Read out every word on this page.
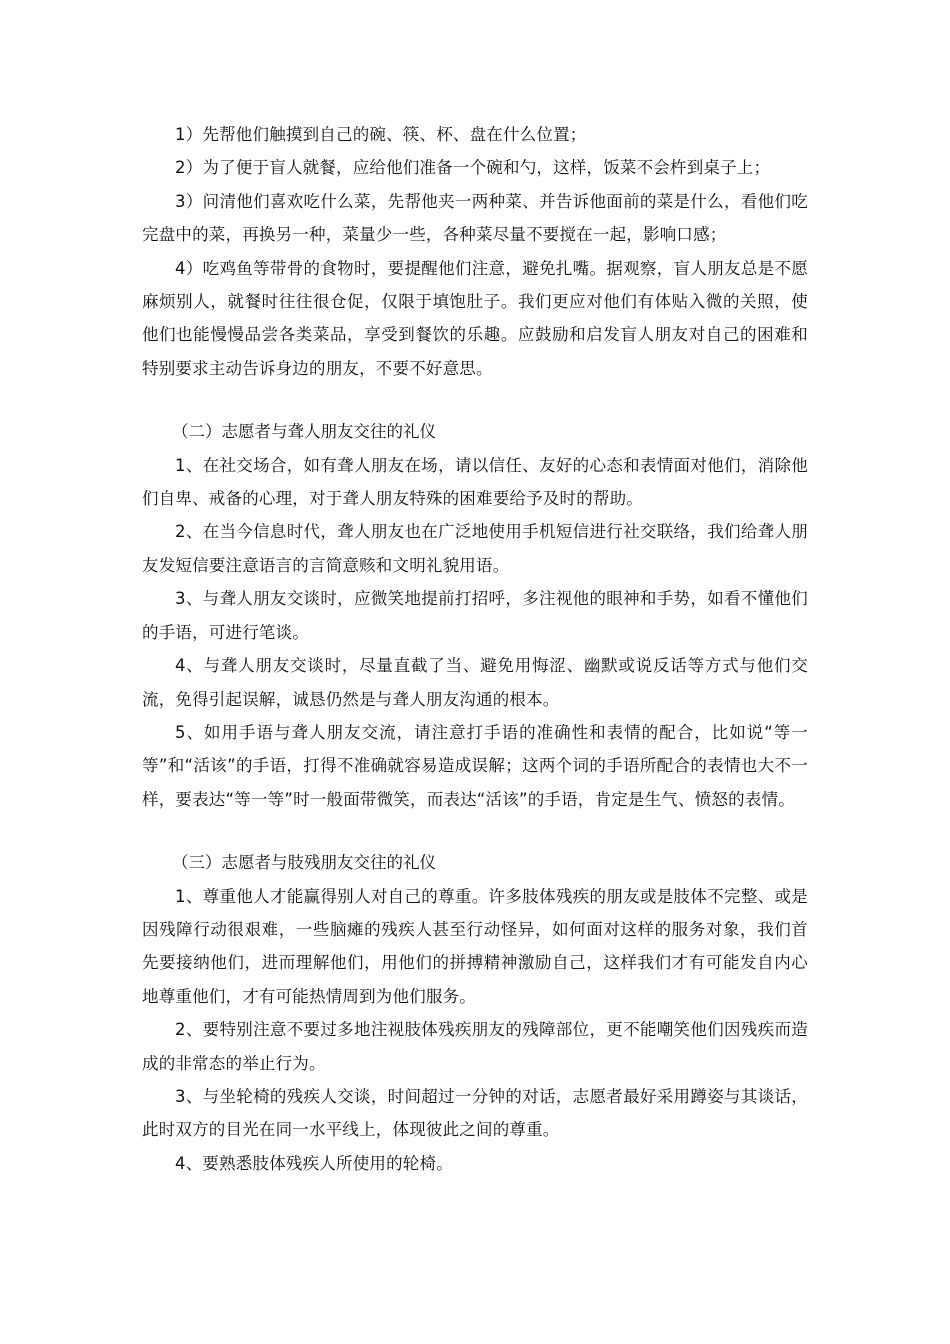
1）先帮他们触摸到自己的碗、筷、杯、盘在什么位置；

2）为了便于盲人就餐，应给他们准备一个碗和勺，这样，饭菜不会杵到桌子上；

3）问清他们喜欢吃什么菜，先帮他夹一两种菜、并告诉他面前的菜是什么，看他们吃完盘中的菜，再换另一种，菜量少一些，各种菜尽量不要搅在一起，影响口感；

4）吃鸡鱼等带骨的食物时，要提醒他们注意，避免扎嘴。据观察，盲人朋友总是不愿麻烦别人，就餐时往往很仓促，仅限于填饱肚子。我们更应对他们有体贴入微的关照，使他们也能慢慢品尝各类菜品，享受到餐饮的乐趣。应鼓励和启发盲人朋友对自己的困难和特别要求主动告诉身边的朋友，不要不好意思。

（二）志愿者与聋人朋友交往的礼仪

1、在社交场合，如有聋人朋友在场，请以信任、友好的心态和表情面对他们，消除他们自卑、戒备的心理，对于聋人朋友特殊的困难要给予及时的帮助。

2、在当今信息时代，聋人朋友也在广泛地使用手机短信进行社交联络，我们给聋人朋友发短信要注意语言的言简意赅和文明礼貌用语。

3、与聋人朋友交谈时，应微笑地提前打招呼，多注视他的眼神和手势，如看不懂他们的手语，可进行笔谈。

4、与聋人朋友交谈时，尽量直截了当、避免用悔涩、幽默或说反话等方式与他们交流，免得引起误解，诚恳仍然是与聋人朋友沟通的根本。

5、如用手语与聋人朋友交流，请注意打手语的准确性和表情的配合，比如说“等一等”和“活该”的手语，打得不准确就容易造成误解；这两个词的手语所配合的表情也大不一样，要表达“等一等”时一般面带微笑，而表达“活该”的手语，肯定是生气、愤怒的表情。

（三）志愿者与肢残朋友交往的礼仪

1、尊重他人才能赢得别人对自己的尊重。许多肢体残疾的朋友或是肢体不完整、或是因残障行动很艰难，一些脑瘫的残疾人甚至行动怪异，如何面对这样的服务对象，我们首先要接纳他们，进而理解他们，用他们的拼搏精神激励自己，这样我们才有可能发自内心地尊重他们，才有可能热情周到为他们服务。

2、要特别注意不要过多地注视肢体残疾朋友的残障部位，更不能嘲笑他们因残疾而造成的非常态的举止行为。

3、与坐轮椅的残疾人交谈，时间超过一分钟的对话，志愿者最好采用蹲姿与其谈话，此时双方的目光在同一水平线上，体现彼此之间的尊重。

4、要熟悉肢体残疾人所使用的轮椅。
